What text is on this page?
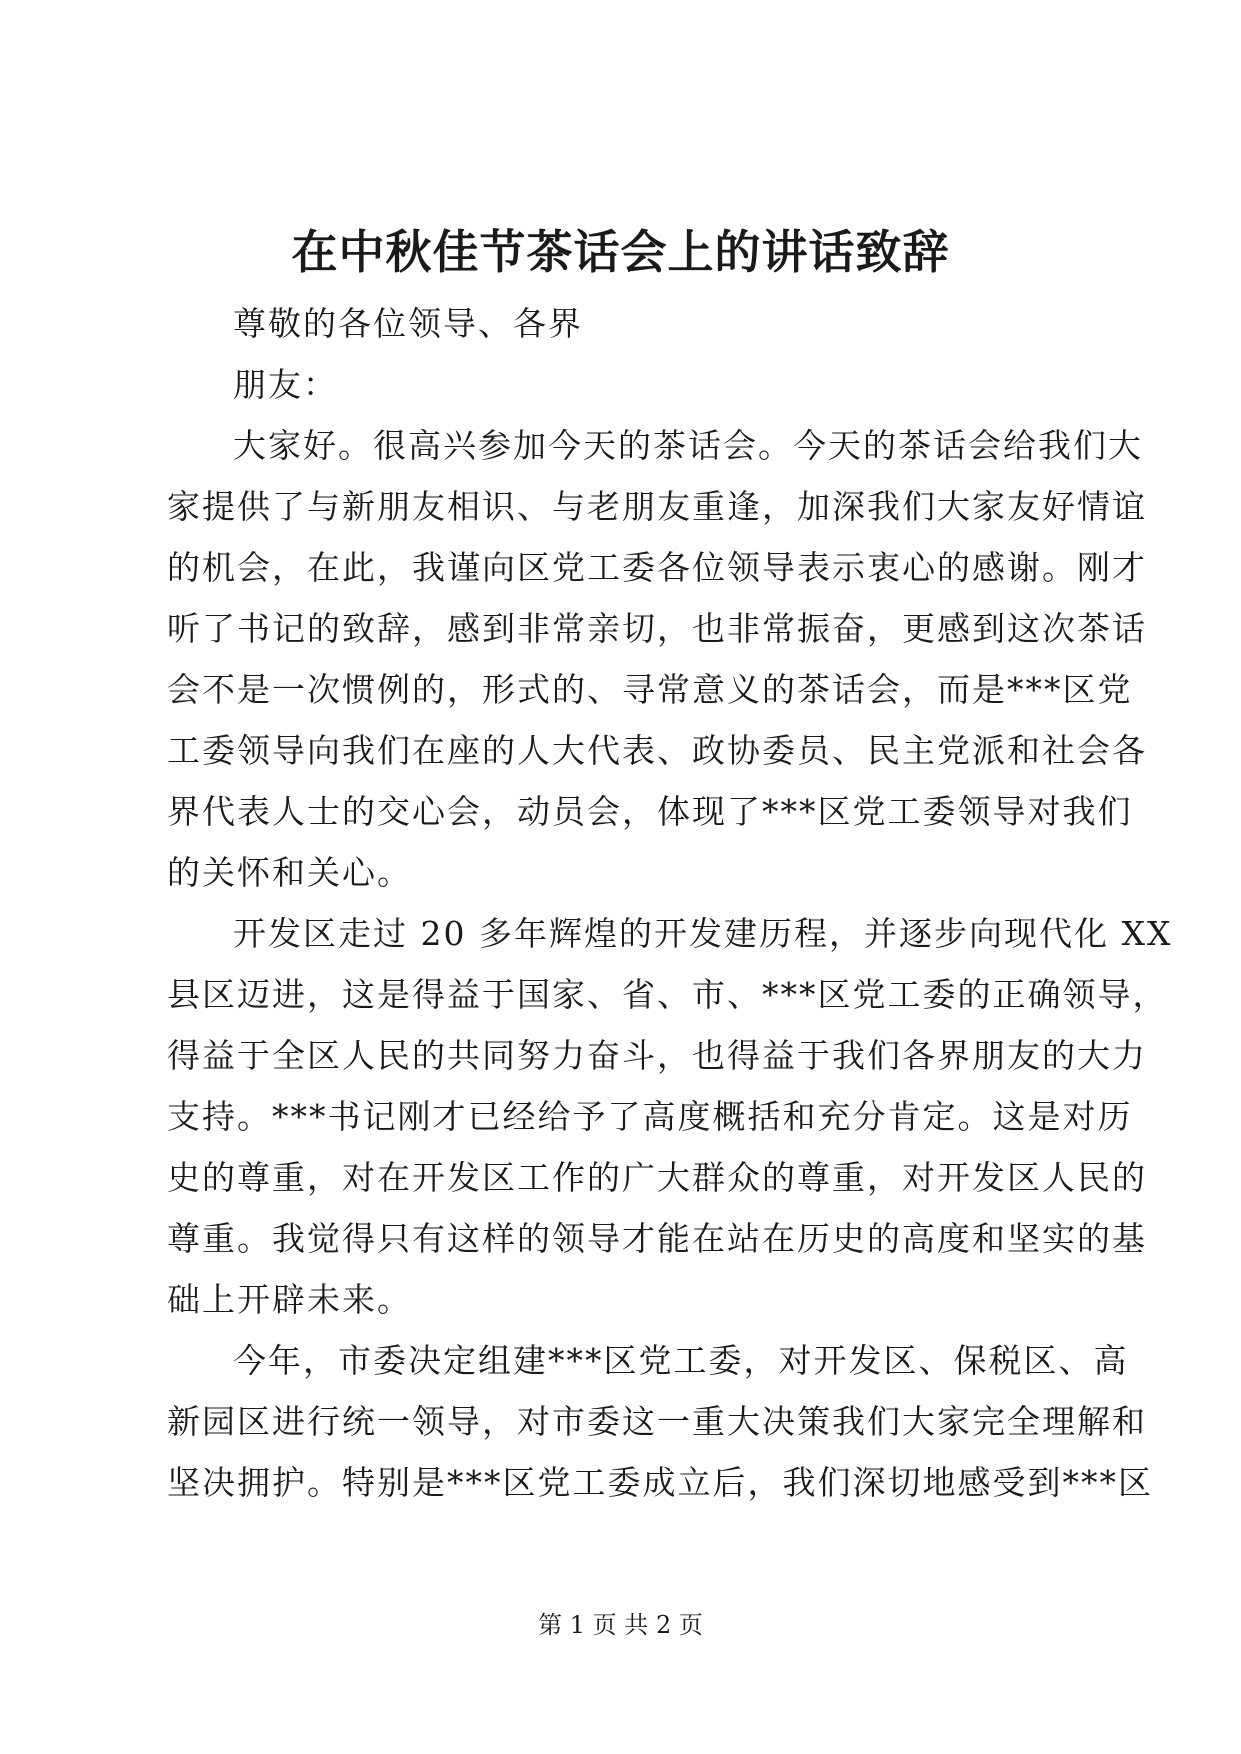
在中秋佳节茶话会上的讲话致辞
尊敬的各位领导、各界
朋友：
大家好。很高兴参加今天的茶话会。今天的茶话会给我们大
家提供了与新朋友相识、与老朋友重逢，加深我们大家友好情谊
的机会，在此，我谨向区党工委各位领导表示衷心的感谢。刚才
听了书记的致辞，感到非常亲切，也非常振奋，更感到这次茶话
会不是一次惯例的，形式的、寻常意义的茶话会，而是***区党
工委领导向我们在座的人大代表、政协委员、民主党派和社会各
界代表人士的交心会，动员会，体现了***区党工委领导对我们
的关怀和关心。
开发区走过 20 多年辉煌的开发建历程，并逐步向现代化 XX
县区迈进，这是得益于国家、省、市、***区党工委的正确领导，
得益于全区人民的共同努力奋斗，也得益于我们各界朋友的大力
支持。***书记刚才已经给予了高度概括和充分肯定。这是对历
史的尊重，对在开发区工作的广大群众的尊重，对开发区人民的
尊重。我觉得只有这样的领导才能在站在历史的高度和坚实的基
础上开辟未来。
今年，市委决定组建***区党工委，对开发区、保税区、高
新园区进行统一领导，对市委这一重大决策我们大家完全理解和
坚决拥护。特别是***区党工委成立后，我们深切地感受到***区
第 1 页 共 2 页
